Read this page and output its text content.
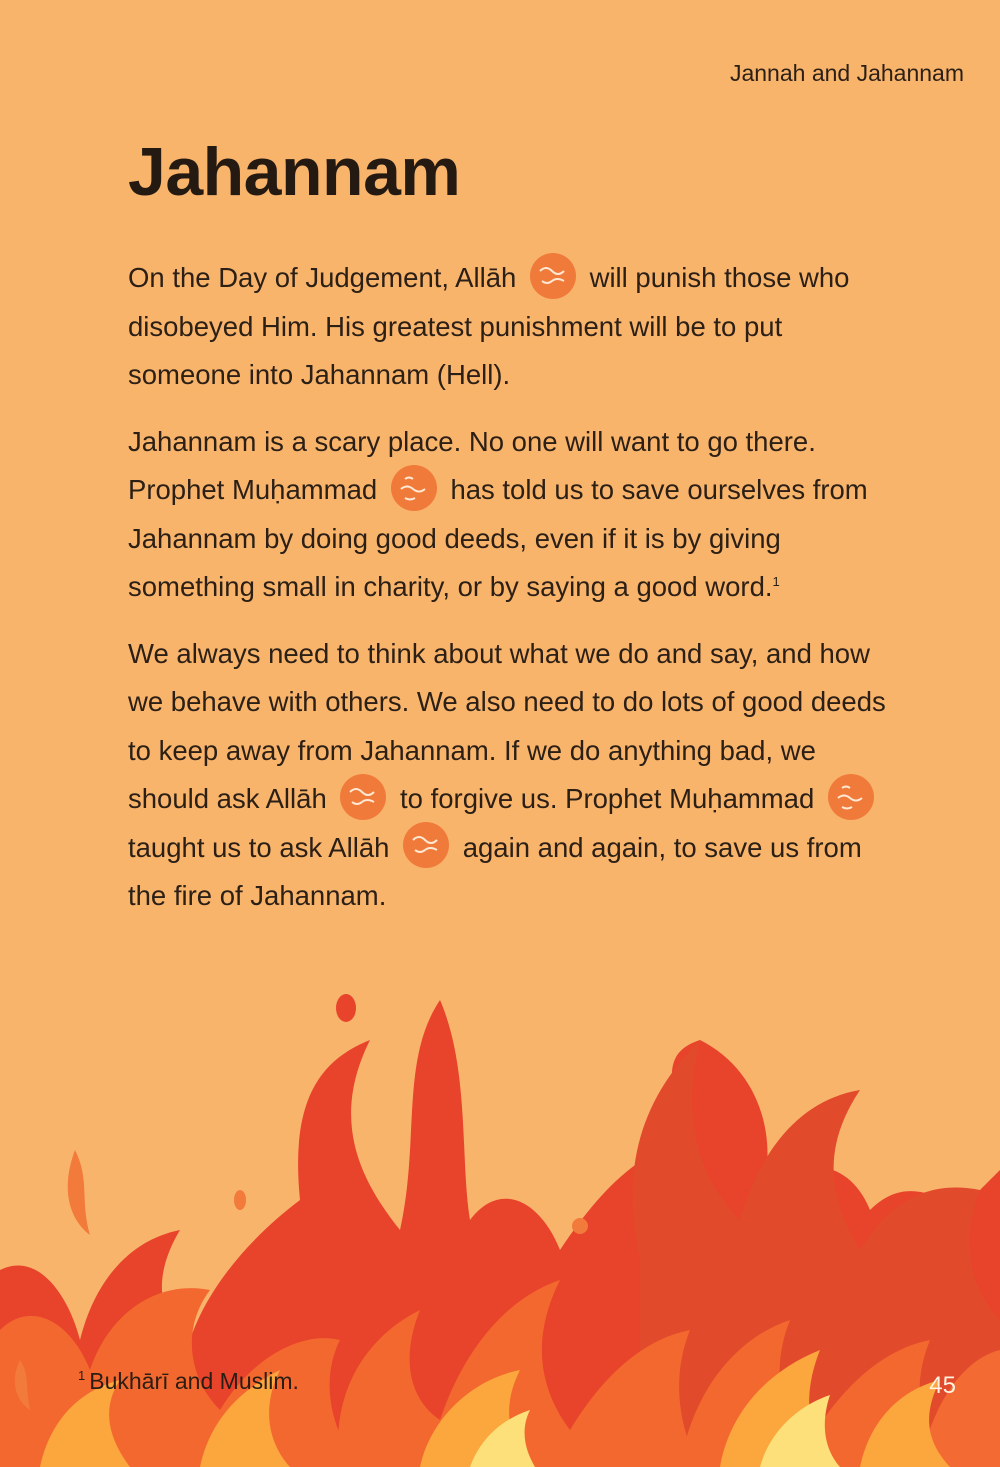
Jannah and Jahannam
Jahannam

On the Day of Judgement, Allāh	will punish those who disobeyed Him. His greatest punishment will be to put someone into Jahannam (Hell).

Jahannam is a scary place. No one will want to go there. Prophet Muḥammad	has told us to save ourselves from Jahannam by doing good deeds, even if it is by giving something small in charity, or by saying a good word.$^1$

We always need to think about what we do and say, and how we behave with others. We also need to do lots of good deeds to keep away from Jahannam. If we do anything bad, we should ask Allāh	to forgive us. Prophet Muḥammad
taught us to ask Allāh	again and again, to save us from the fire of Jahannam.

$^1$ Bukhārī and Muslim.	45
